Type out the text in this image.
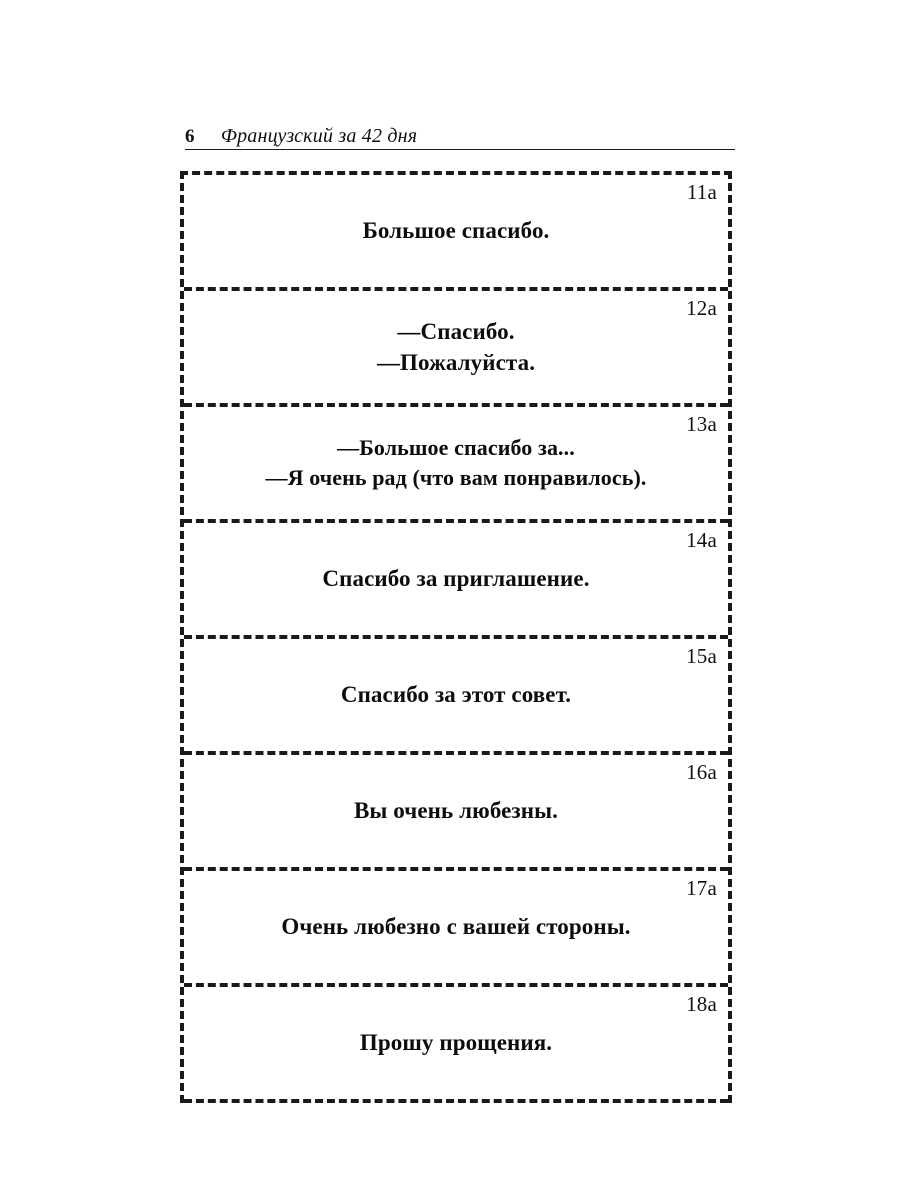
6 Французский за 42 дня
11a
Большое спасибо.
12a
—Спасибо.
—Пожалуйста.
13a
—Большое спасибо за...
—Я очень рад (что вам понравилось).
14a
Спасибо за приглашение.
15a
Спасибо за этот совет.
16a
Вы очень любезны.
17a
Очень любезно с вашей стороны.
18a
Прошу прощения.
